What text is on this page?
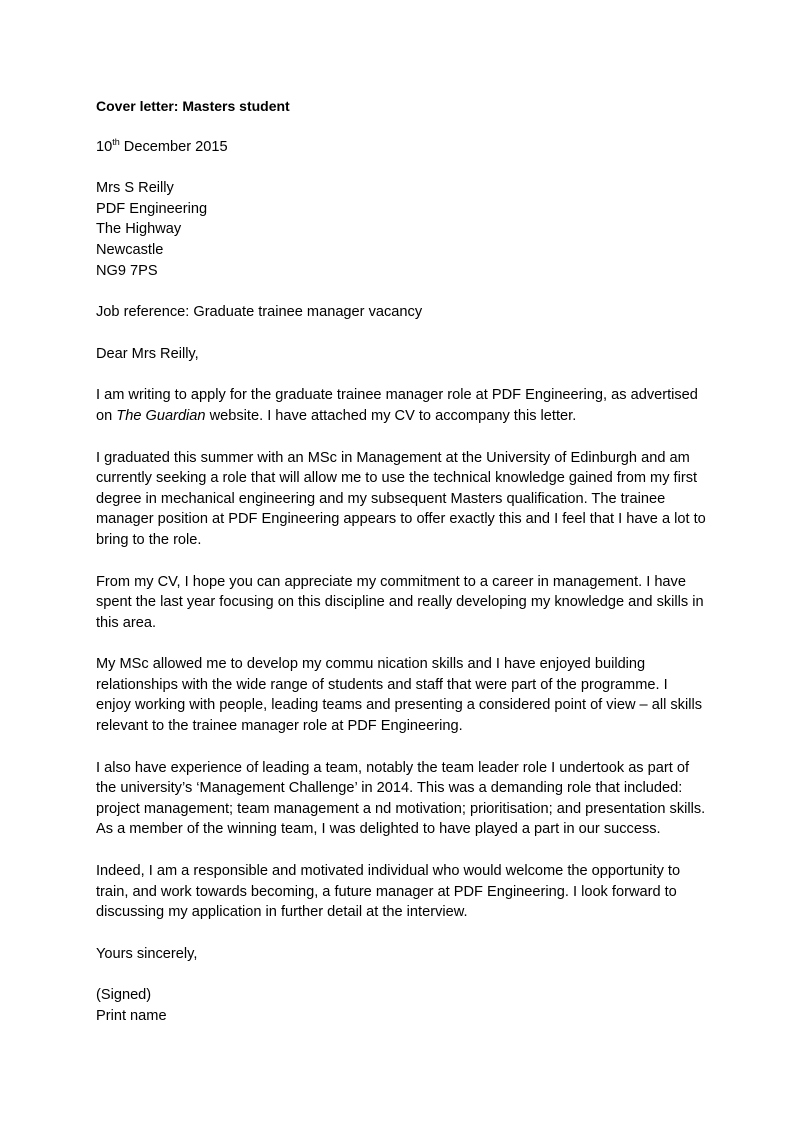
Cover letter: Masters student
10th December 2015
Mrs S Reilly
PDF Engineering
The Highway
Newcastle
NG9 7PS

Job reference: Graduate trainee manager vacancy

Dear Mrs Reilly,

I am writing to apply for the graduate trainee manager role at PDF Engineering, as advertised on The Guardian website. I have attached my CV to accompany this letter.

I graduated this summer with an MSc in Management at the University of Edinburgh and am currently seeking a role that will allow me to use the technical knowledge gained from my first degree in mechanical engineering and my subsequent Masters qualification. The trainee manager position at PDF Engineering appears to offer exactly this and I feel that I have a lot to bring to the role.

From my CV, I hope you can appreciate my commitment to a career in management. I have spent the last year focusing on this discipline and really developing my knowledge and skills in this area.

My MSc allowed me to develop my commu nication skills and I have enjoyed building relationships with the wide range of students and staff that were part of the programme. I enjoy working with people, leading teams and presenting a considered point of view – all skills relevant to the trainee manager role at PDF Engineering.

I also have experience of leading a team, notably the team leader role I undertook as part of the university’s ‘Management Challenge’ in 2014. This was a demanding role that included: project management; team management a nd motivation; prioritisation; and presentation skills. As a member of the winning team, I was delighted to have played a part in our success.

Indeed, I am a responsible and motivated individual who would welcome the opportunity to train, and work towards becoming, a future manager at PDF Engineering. I look forward to discussing my application in further detail at the interview.

Yours sincerely,
(Signed)
Print name
